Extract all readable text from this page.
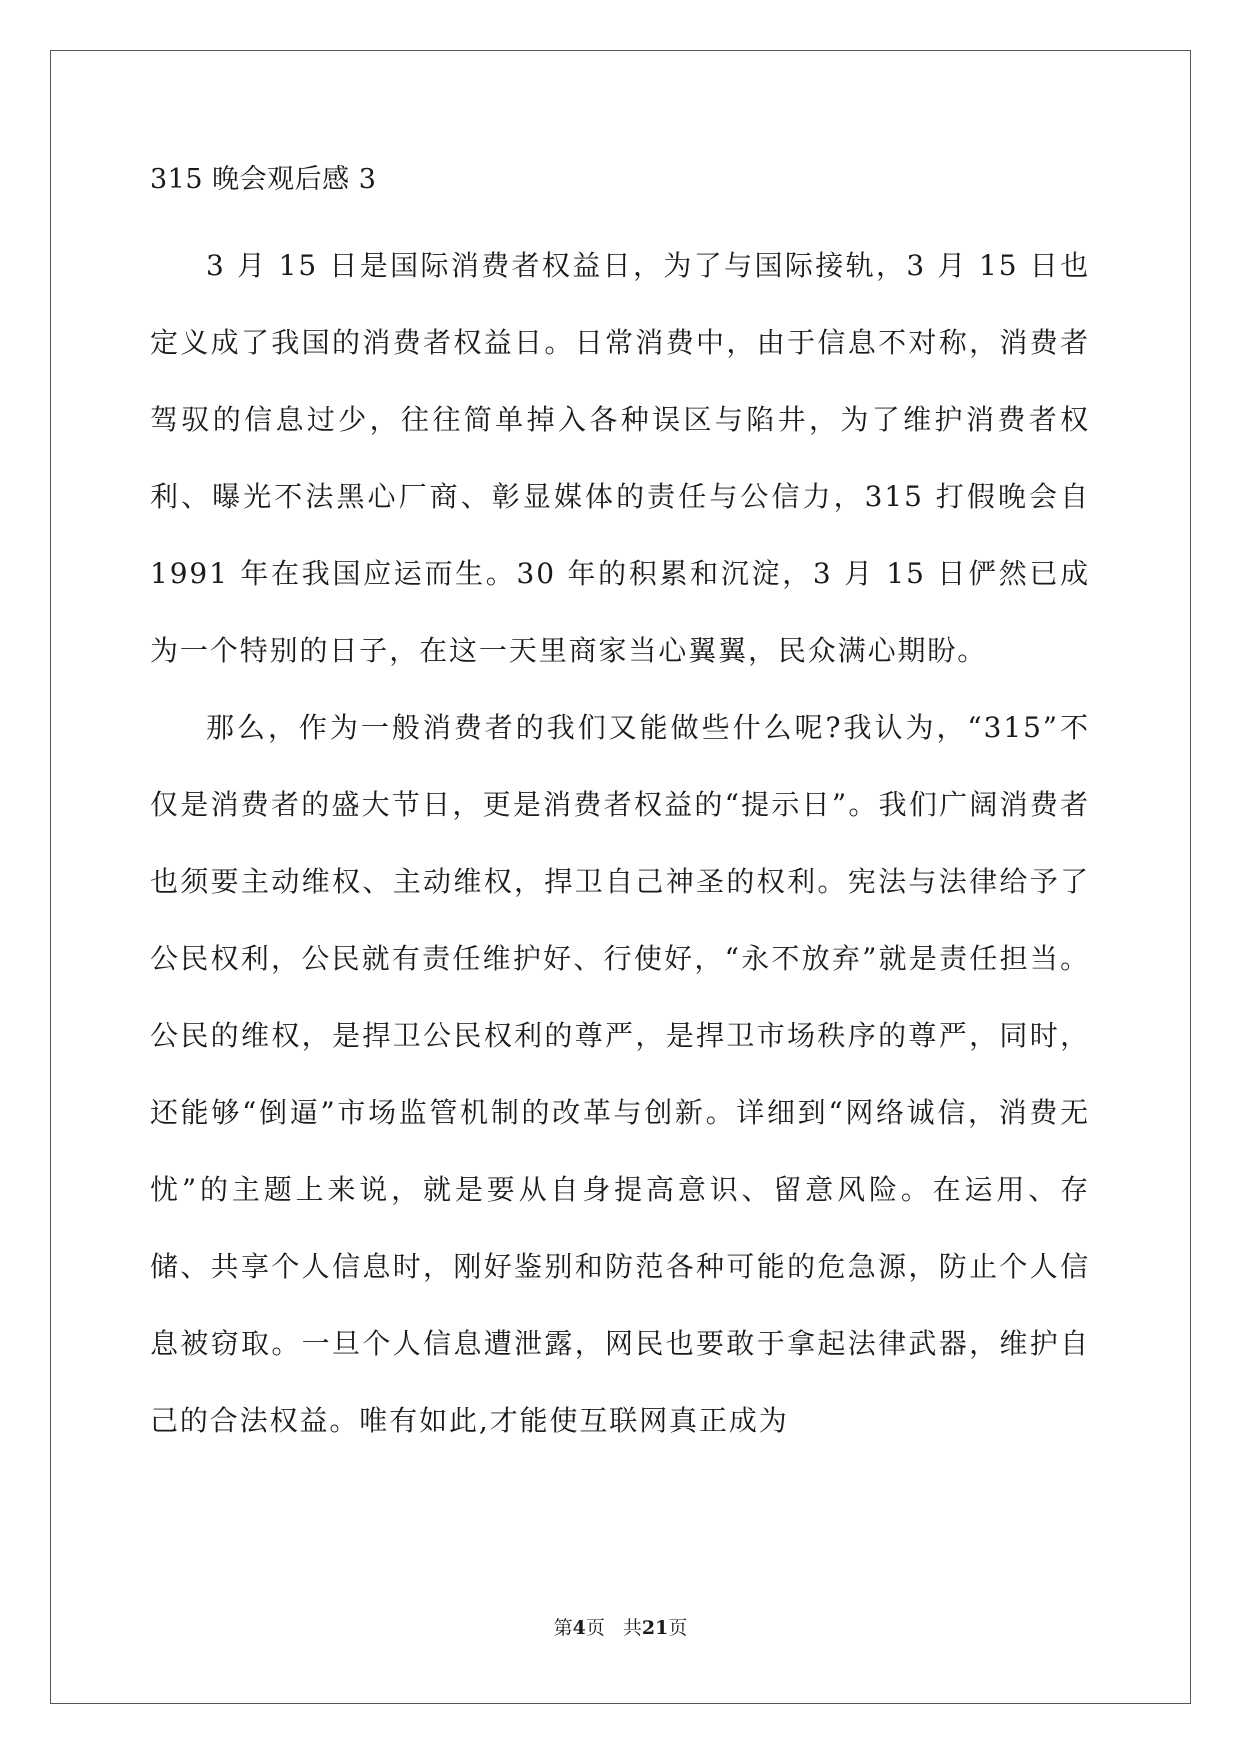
315 晚会观后感 3

3 月 15 日是国际消费者权益日，为了与国际接轨，3 月 15 日也定义成了我国的消费者权益日。日常消费中，由于信息不对称，消费者驾驭的信息过少，往往简单掉入各种误区与陷井，为了维护消费者权利、曝光不法黑心厂商、彰显媒体的责任与公信力，315 打假晚会自 1991 年在我国应运而生。30 年的积累和沉淀，3 月 15 日俨然已成为一个特别的日子，在这一天里商家当心翼翼，民众满心期盼。

那么，作为一般消费者的我们又能做些什么呢?我认为，“315”不仅是消费者的盛大节日，更是消费者权益的“提示日”。我们广阔消费者也须要主动维权、主动维权，捍卫自己神圣的权利。宪法与法律给予了公民权利，公民就有责任维护好、行使好，“永不放弃”就是责任担当。公民的维权，是捍卫公民权利的尊严，是捍卫市场秩序的尊严，同时，还能够“倒逼”市场监管机制的改革与创新。详细到“网络诚信，消费无忧”的主题上来说，就是要从自身提高意识、留意风险。在运用、存储、共享个人信息时，刚好鉴别和防范各种可能的危急源，防止个人信息被窃取。一旦个人信息遭泄露，网民也要敢于拿起法律武器，维护自己的合法权益。唯有如此,才能使互联网真正成为

第4页 共21页
